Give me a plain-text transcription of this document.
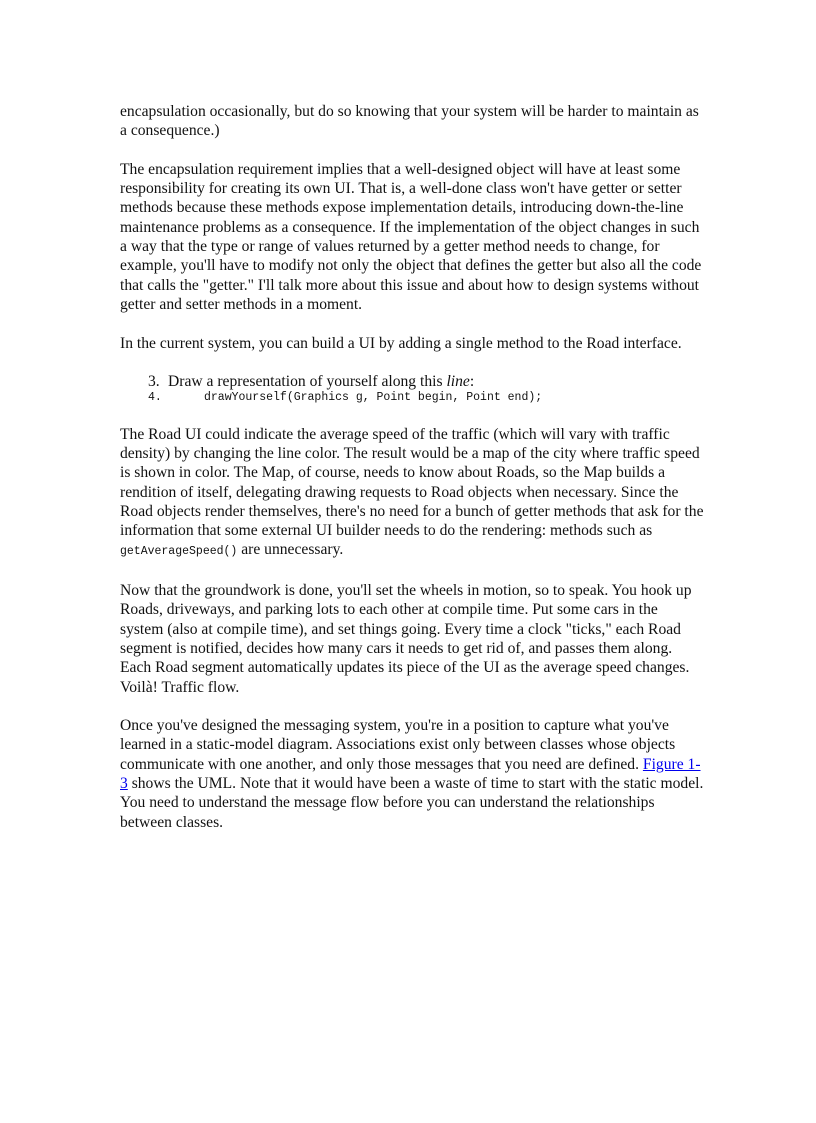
encapsulation occasionally, but do so knowing that your system will be harder to maintain as a consequence.)

The encapsulation requirement implies that a well-designed object will have at least some responsibility for creating its own UI. That is, a well-done class won't have getter or setter methods because these methods expose implementation details, introducing down-the-line maintenance problems as a consequence. If the implementation of the object changes in such a way that the type or range of values returned by a getter method needs to change, for example, you'll have to modify not only the object that defines the getter but also all the code that calls the "getter." I'll talk more about this issue and about how to design systems without getter and setter methods in a moment.

In the current system, you can build a UI by adding a single method to the Road interface.

3. Draw a representation of yourself along this line:
4.	drawYourself(Graphics g, Point begin, Point end);

The Road UI could indicate the average speed of the traffic (which will vary with traffic density) by changing the line color. The result would be a map of the city where traffic speed is shown in color. The Map, of course, needs to know about Roads, so the Map builds a rendition of itself, delegating drawing requests to Road objects when necessary. Since the Road objects render themselves, there's no need for a bunch of getter methods that ask for the information that some external UI builder needs to do the rendering: methods such as getAverageSpeed() are unnecessary.

Now that the groundwork is done, you'll set the wheels in motion, so to speak. You hook up Roads, driveways, and parking lots to each other at compile time. Put some cars in the system (also at compile time), and set things going. Every time a clock "ticks," each Road segment is notified, decides how many cars it needs to get rid of, and passes them along. Each Road segment automatically updates its piece of the UI as the average speed changes. Voilà! Traffic flow.

Once you've designed the messaging system, you're in a position to capture what you've learned in a static-model diagram. Associations exist only between classes whose objects communicate with one another, and only those messages that you need are defined. Figure 1-3 shows the UML. Note that it would have been a waste of time to start with the static model. You need to understand the message flow before you can understand the relationships between classes.
